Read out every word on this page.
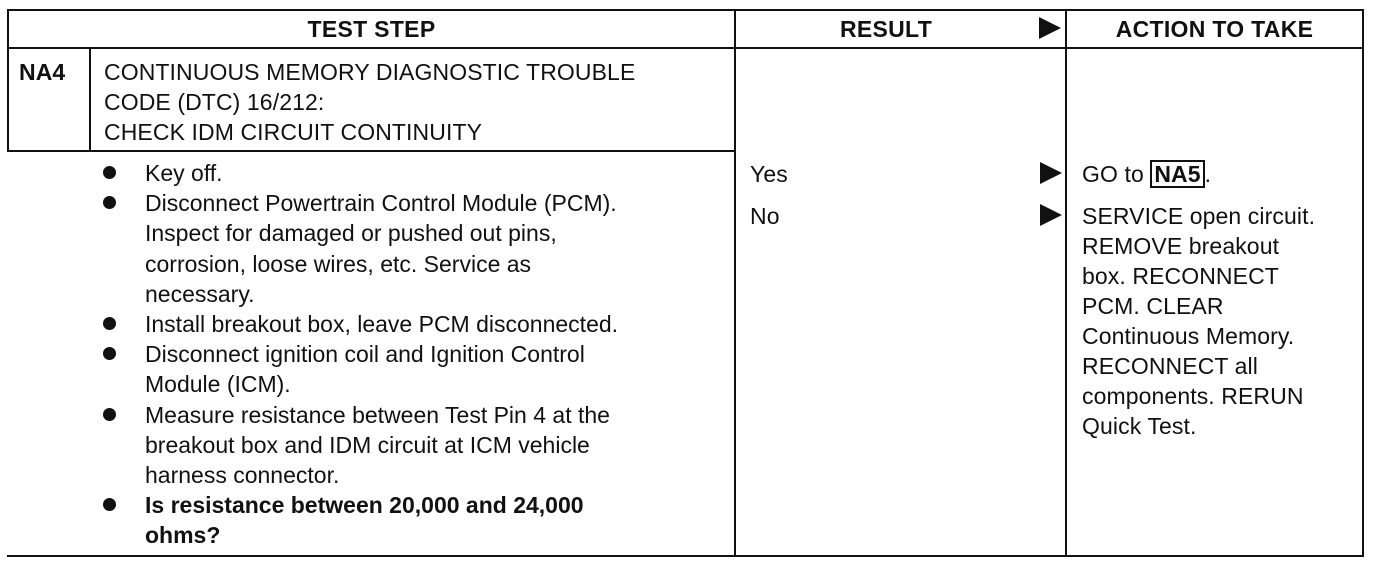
TEST STEP	RESULT	ACTION TO TAKE
NA4 CONTINUOUS MEMORY DIAGNOSTIC TROUBLE
CODE (DTC) 16/212:
CHECK IDM CIRCUIT CONTINUITY
Key off.
Disconnect Powertrain Control Module (PCM).
Inspect for damaged or pushed out pins,
corrosion, loose wires, etc. Service as
necessary.
Install breakout box, leave PCM disconnected.
Disconnect ignition coil and Ignition Control
Module (ICM).
Measure resistance between Test Pin 4 at the
breakout box and IDM circuit at ICM vehicle
harness connector.
Is resistance between 20,000 and 24,000
ohms?
Yes
No
GO to NA5 .
SERVICE open circuit.
REMOVE breakout
box. RECONNECT
PCM. CLEAR
Continuous Memory.
RECONNECT all
components. RERUN
Quick Test.
